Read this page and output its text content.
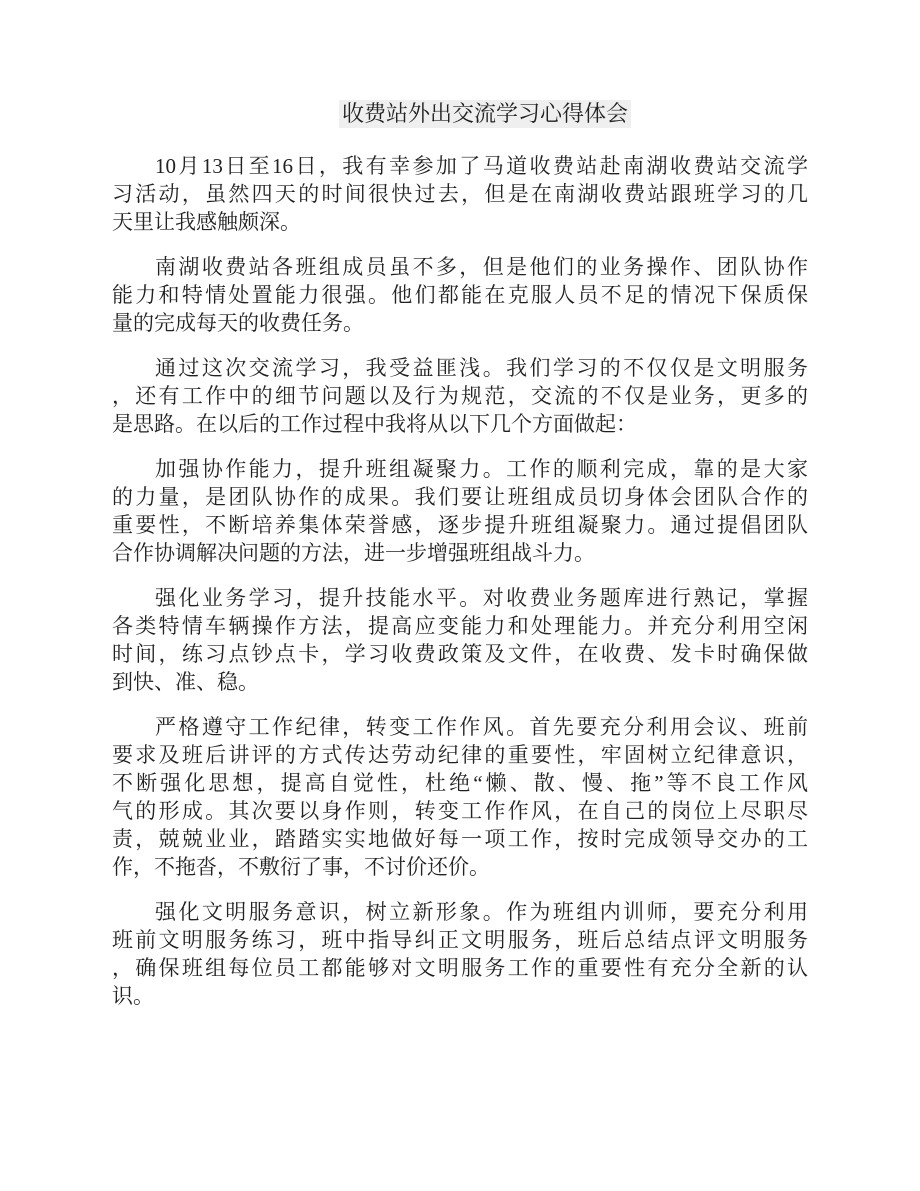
收费站外出交流学习心得体会
10月13日至16日，我有幸参加了马道收费站赴南湖收费站交流学
习活动，虽然四天的时间很快过去，但是在南湖收费站跟班学习的几
天里让我感触颇深。
南湖收费站各班组成员虽不多，但是他们的业务操作、团队协作
能力和特情处置能力很强。他们都能在克服人员不足的情况下保质保
量的完成每天的收费任务。
通过这次交流学习，我受益匪浅。我们学习的不仅仅是文明服务
，还有工作中的细节问题以及行为规范，交流的不仅是业务，更多的
是思路。在以后的工作过程中我将从以下几个方面做起：
加强协作能力，提升班组凝聚力。工作的顺利完成，靠的是大家
的力量，是团队协作的成果。我们要让班组成员切身体会团队合作的
重要性，不断培养集体荣誉感，逐步提升班组凝聚力。通过提倡团队
合作协调解决问题的方法，进一步增强班组战斗力。
强化业务学习，提升技能水平。对收费业务题库进行熟记，掌握
各类特情车辆操作方法，提高应变能力和处理能力。并充分利用空闲
时间，练习点钞点卡，学习收费政策及文件，在收费、发卡时确保做
到快、准、稳。
严格遵守工作纪律，转变工作作风。首先要充分利用会议、班前
要求及班后讲评的方式传达劳动纪律的重要性，牢固树立纪律意识，
不断强化思想，提高自觉性，杜绝“懒、散、慢、拖”等不良工作风
气的形成。其次要以身作则，转变工作作风，在自己的岗位上尽职尽
责，兢兢业业，踏踏实实地做好每一项工作，按时完成领导交办的工
作，不拖沓，不敷衍了事，不讨价还价。
强化文明服务意识，树立新形象。作为班组内训师，要充分利用
班前文明服务练习，班中指导纠正文明服务，班后总结点评文明服务
，确保班组每位员工都能够对文明服务工作的重要性有充分全新的认
识。
